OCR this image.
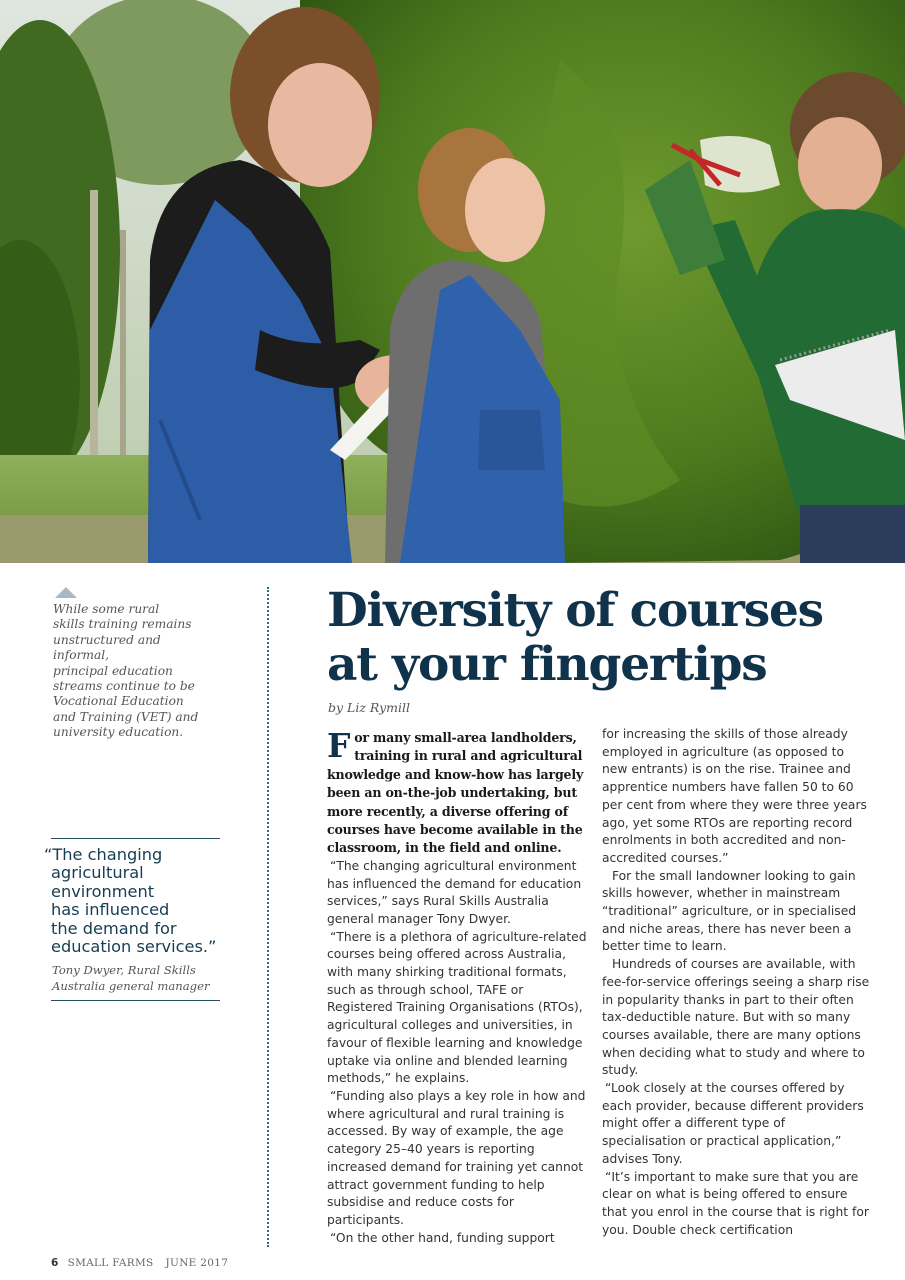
While some rural
skills training remains
unstructured and informal,
principal education
streams continue to be
Vocational Education
and Training (VET) and
university education.
“The changing
agricultural
environment
has influenced
the demand for
education services.”
Tony Dwyer, Rural Skills
Australia general manager
Diversity of courses
at your fingertips
by Liz Rymill

For many small-area landholders, training in rural and agricultural knowledge and know-how has largely been an on-the-job undertaking, but more recently, a diverse offering of courses have become available in the classroom, in the field and online.

“The changing agricultural environment has influenced the demand for education services,” says Rural Skills Australia general manager Tony Dwyer.

“There is a plethora of agriculture-related courses being offered across Australia, with many shirking traditional formats, such as through school, TAFE or Registered Training Organisations (RTOs), agricultural colleges and universities, in favour of flexible learning and knowledge uptake via online and blended learning methods,” he explains.

“Funding also plays a key role in how and where agricultural and rural training is accessed. By way of example, the age category 25–40 years is reporting increased demand for training yet cannot attract government funding to help subsidise and reduce costs for participants.

“On the other hand, funding support

for increasing the skills of those already employed in agriculture (as opposed to new entrants) is on the rise. Trainee and apprentice numbers have fallen 50 to 60 per cent from where they were three years ago, yet some RTOs are reporting record enrolments in both accredited and non-accredited courses.”

For the small landowner looking to gain skills however, whether in mainstream “traditional” agriculture, or in specialised and niche areas, there has never been a better time to learn.

Hundreds of courses are available, with fee-for-service offerings seeing a sharp rise in popularity thanks in part to their often tax-deductible nature. But with so many courses available, there are many options when deciding what to study and where to study.

“Look closely at the courses offered by each provider, because different providers might offer a different type of specialisation or practical application,” advises Tony.

“It’s important to make sure that you are clear on what is being offered to ensure that you enrol in the course that is right for you. Double check certification

6 SMALL FARMS JUNE 2017
